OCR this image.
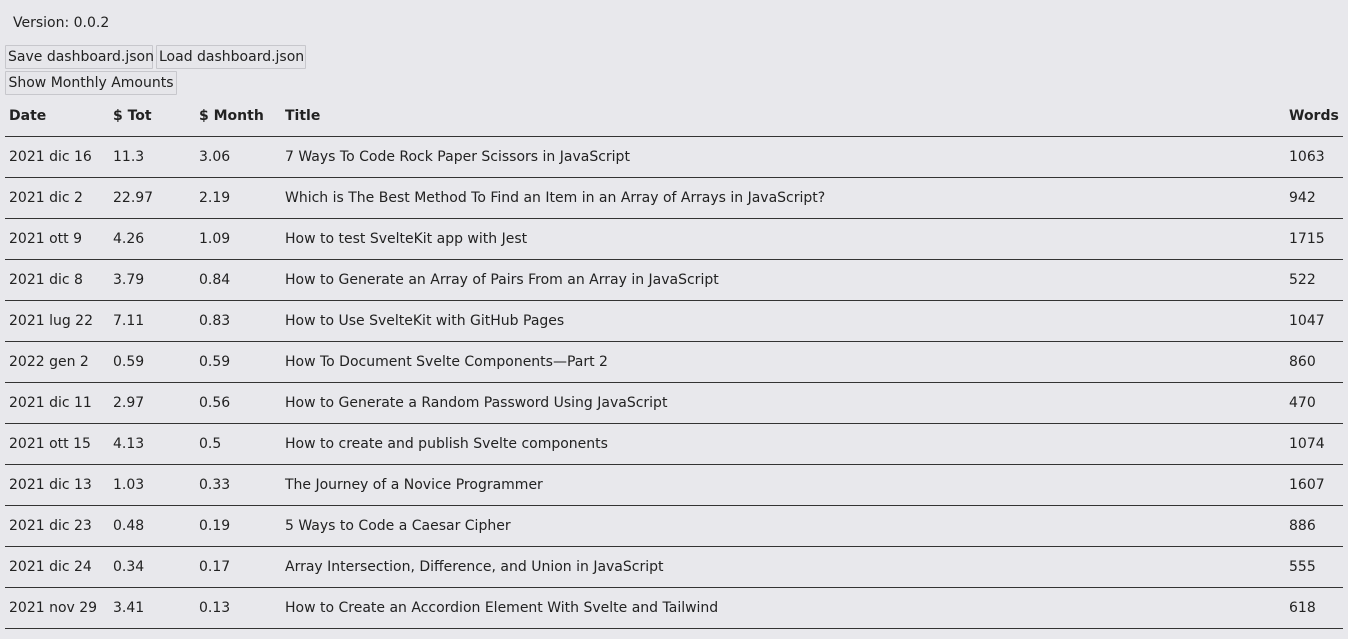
Version: 0.0.2
Save dashboard.json Load dashboard.json
Show Monthly Amounts
Date	$ Tot	$ Month	Title	Words
2021 dic 16	11.3	3.06	7 Ways To Code Rock Paper Scissors in JavaScript	1063
2021 dic 2	22.97	2.19	Which is The Best Method To Find an Item in an Array of Arrays in JavaScript?	942
2021 ott 9	4.26	1.09	How to test SvelteKit app with Jest	1715
2021 dic 8	3.79	0.84	How to Generate an Array of Pairs From an Array in JavaScript	522
2021 lug 22	7.11	0.83	How to Use SvelteKit with GitHub Pages	1047
2022 gen 2	0.59	0.59	How To Document Svelte Components—Part 2	860
2021 dic 11	2.97	0.56	How to Generate a Random Password Using JavaScript	470
2021 ott 15	4.13	0.5	How to create and publish Svelte components	1074
2021 dic 13	1.03	0.33	The Journey of a Novice Programmer	1607
2021 dic 23	0.48	0.19	5 Ways to Code a Caesar Cipher	886
2021 dic 24	0.34	0.17	Array Intersection, Difference, and Union in JavaScript	555
2021 nov 29	3.41	0.13	How to Create an Accordion Element With Svelte and Tailwind	618
